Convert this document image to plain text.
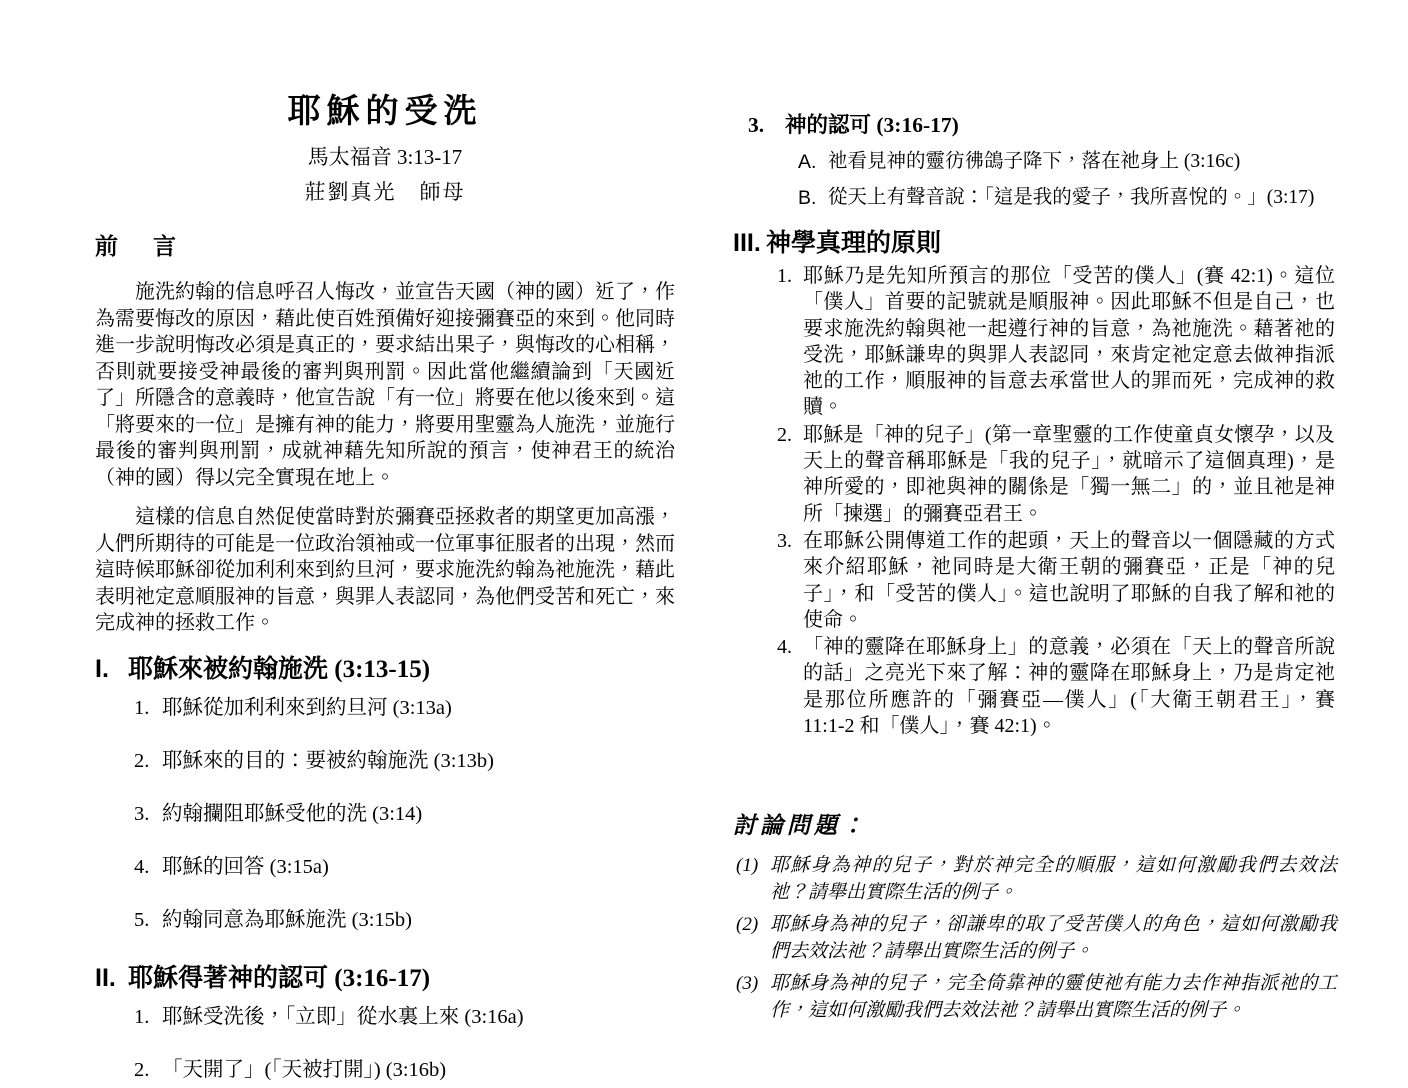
耶穌的受洗
馬太福音 3:13-17
莊劉真光　師母
前　言

施洗約翰的信息呼召人悔改，並宣告天國（神的國）近了，作為需要悔改的原因，藉此使百姓預備好迎接彌賽亞的來到。他同時進一步說明悔改必須是真正的，要求結出果子，與悔改的心相稱，否則就要接受神最後的審判與刑罰。因此當他繼續論到「天國近了」所隱含的意義時，他宣告說「有一位」將要在他以後來到。這「將要來的一位」是擁有神的能力，將要用聖靈為人施洗，並施行最後的審判與刑罰，成就神藉先知所說的預言，使神君王的統治（神的國）得以完全實現在地上。

這樣的信息自然促使當時對於彌賽亞拯救者的期望更加高漲，人們所期待的可能是一位政治領袖或一位軍事征服者的出現，然而這時候耶穌卻從加利利來到約旦河，要求施洗約翰為祂施洗，藉此表明祂定意順服神的旨意，與罪人表認同，為他們受苦和死亡，來完成神的拯救工作。

I. 耶穌來被約翰施洗 (3:13-15)
1. 耶穌從加利利來到約旦河 (3:13a)
2. 耶穌來的目的：要被約翰施洗 (3:13b)
3. 約翰攔阻耶穌受他的洗 (3:14)
4. 耶穌的回答 (3:15a)
5. 約翰同意為耶穌施洗 (3:15b)
II. 耶穌得著神的認可 (3:16-17)
1. 耶穌受洗後，「立即」從水裏上來 (3:16a)
2. 「天開了」(「天被打開」) (3:16b)
3. 神的認可 (3:16-17)
A. 祂看見神的靈彷彿鴿子降下，落在祂身上 (3:16c)
B. 從天上有聲音說：「這是我的愛子，我所喜悅的。」(3:17)
III. 神學真理的原則
1. 耶穌乃是先知所預言的那位「受苦的僕人」(賽 42:1)。這位「僕人」首要的記號就是順服神。因此耶穌不但是自己，也要求施洗約翰與祂一起遵行神的旨意，為祂施洗。藉著祂的受洗，耶穌謙卑的與罪人表認同，來肯定祂定意去做神指派祂的工作，順服神的旨意去承當世人的罪而死，完成神的救贖。
2. 耶穌是「神的兒子」(第一章聖靈的工作使童貞女懷孕，以及天上的聲音稱耶穌是「我的兒子」，就暗示了這個真理)，是神所愛的，即祂與神的關係是「獨一無二」的，並且祂是神所「揀選」的彌賽亞君王。
3. 在耶穌公開傳道工作的起頭，天上的聲音以一個隱藏的方式來介紹耶穌，祂同時是大衛王朝的彌賽亞，正是「神的兒子」，和「受苦的僕人」。這也說明了耶穌的自我了解和祂的使命。
4. 「神的靈降在耶穌身上」的意義，必須在「天上的聲音所說的話」之亮光下來了解：神的靈降在耶穌身上，乃是肯定祂是那位所應許的「彌賽亞—僕人」(「大衛王朝君王」，賽 11:1-2 和「僕人」，賽 42:1)。
討論問題：
(1) 耶穌身為神的兒子，對於神完全的順服，這如何激勵我們去效法祂？請舉出實際生活的例子。
(2) 耶穌身為神的兒子，卻謙卑的取了受苦僕人的角色，這如何激勵我們去效法祂？請舉出實際生活的例子。
(3) 耶穌身為神的兒子，完全倚靠神的靈使祂有能力去作神指派祂的工作，這如何激勵我們去效法祂？請舉出實際生活的例子。
